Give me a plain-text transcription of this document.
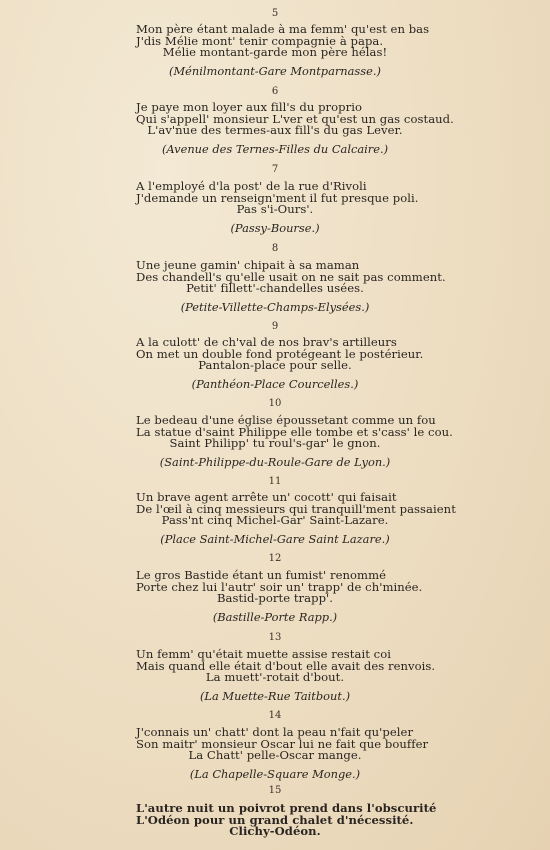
5
Mon père étant malade à ma femm' qu'est en bas
J'dis Mélie mont' tenir compagnie à papa.
Mélie montant-garde mon père hélas!
(Ménilmontant-Gare Montparnasse.)
6
Je paye mon loyer aux fill's du proprio
Qui s'appell' monsieur L'ver et qu'est un gas costaud.
L'av'nue des termes-aux fill's du gas Lever.
(Avenue des Ternes-Filles du Calcaire.)
7
A l'employé d'la post' de la rue d'Rivoli
J'demande un renseign'ment il fut presque poli.
Pas s'i-Ours'.
(Passy-Bourse.)
8
Une jeune gamin' chipait à sa maman
Des chandell's qu'elle usait on ne sait pas comment.
Petit' fillett'-chandelles usées.
(Petite-Villette-Champs-Elysées.)
9
A la culott' de ch'val de nos brav's artilleurs
On met un double fond protégeant le postérieur.
Pantalon-place pour selle.
(Panthéon-Place Courcelles.)
10
Le bedeau d'une église époussetant comme un fou
La statue d'saint Philippe elle tombe et s'cass' le cou.
Saint Philipp' tu roul's-gar' le gnon.
(Saint-Philippe-du-Roule-Gare de Lyon.)
11
Un brave agent arrête un' cocott' qui faisait
De l'œil à cinq messieurs qui tranquill'ment passaient
Pass'nt cinq Michel-Gar' Saint-Lazare.
(Place Saint-Michel-Gare Saint Lazare.)
12
Le gros Bastide étant un fumist' renommé
Porte chez lui l'autr' soir un' trapp' de ch'minée.
Bastid-porte trapp'.
(Bastille-Porte Rapp.)
13
Un femm' qu'était muette assise restait coi
Mais quand elle était d'bout elle avait des renvois.
La muett'-rotait d'bout.
(La Muette-Rue Taitbout.)
14
J'connais un' chatt' dont la peau n'fait qu'peler
Son maitr' monsieur Oscar lui ne fait que bouffer
La Chatt' pelle-Oscar mange.
(La Chapelle-Square Monge.)
15
L'autre nuit un poivrot prend dans l'obscurité
L'Odéon pour un grand chalet d'nécessité.
Clichy-Odéon.
